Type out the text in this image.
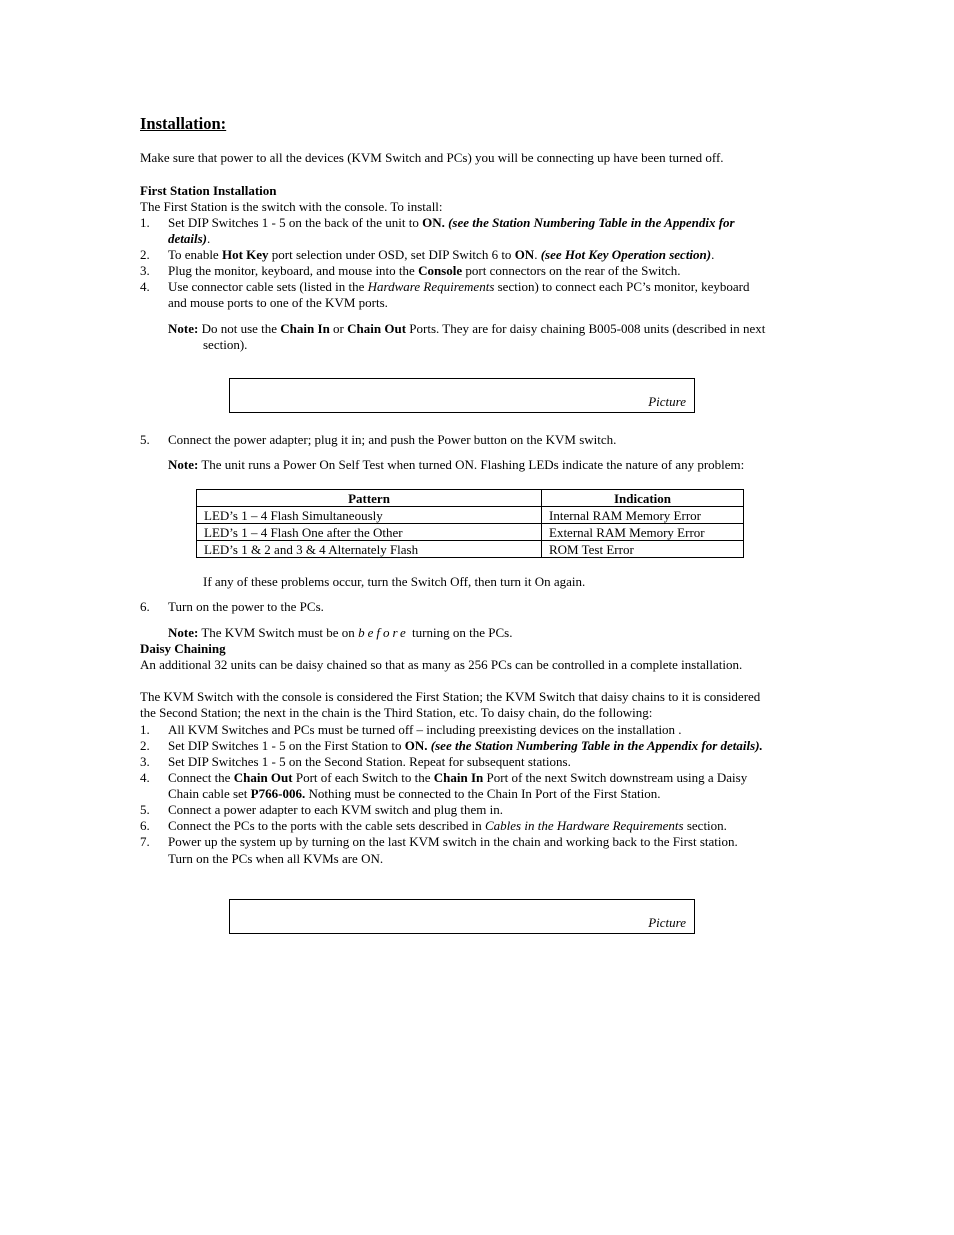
Installation:
Make sure that power to all the devices (KVM Switch and PCs) you will be connecting up have been turned off.
First Station Installation
The First Station is the switch with the console. To install:
1.	Set DIP Switches 1 - 5 on the back of the unit to ON. (see the Station Numbering Table in the Appendix for
details).
2.	To enable Hot Key port selection under OSD, set DIP Switch 6 to ON. (see Hot Key Operation section).
3.	Plug the monitor, keyboard, and mouse into the Console port connectors on the rear of the Switch.
4.	Use connector cable sets (listed in the Hardware Requirements section) to connect each PC’s monitor, keyboard
and mouse ports to one of the KVM ports.
Note: Do not use the Chain In or Chain Out Ports. They are for daisy chaining B005-008 units (described in next
section).
Picture
5.	Connect the power adapter; plug it in; and push the Power button on the KVM switch.
Note: The unit runs a Power On Self Test when turned ON. Flashing LEDs indicate the nature of any problem:
Pattern	Indication
LED’s 1 – 4 Flash Simultaneously	Internal RAM Memory Error
LED’s 1 – 4 Flash One after the Other	External RAM Memory Error
LED’s 1 & 2 and 3 & 4 Alternately Flash	ROM Test Error
If any of these problems occur, turn the Switch Off, then turn it On again.
6.	Turn on the power to the PCs.
Note: The KVM Switch must be on before turning on the PCs.
Daisy Chaining
An additional 32 units can be daisy chained so that as many as 256 PCs can be controlled in a complete installation.
The KVM Switch with the console is considered the First Station; the KVM Switch that daisy chains to it is considered
the Second Station; the next in the chain is the Third Station, etc. To daisy chain, do the following:
1.	All KVM Switches and PCs must be turned off – including preexisting devices on the installation .
2.	Set DIP Switches 1 - 5 on the First Station to ON. (see the Station Numbering Table in the Appendix for details).
3.	Set DIP Switches 1 - 5 on the Second Station. Repeat for subsequent stations.
4.	Connect the Chain Out Port of each Switch to the Chain In Port of the next Switch downstream using a Daisy
Chain cable set P766-006. Nothing must be connected to the Chain In Port of the First Station.
5.	Connect a power adapter to each KVM switch and plug them in.
6.	Connect the PCs to the ports with the cable sets described in Cables in the Hardware Requirements section.
7.	Power up the system up by turning on the last KVM switch in the chain and working back to the First station.
Turn on the PCs when all KVMs are ON.
Picture
